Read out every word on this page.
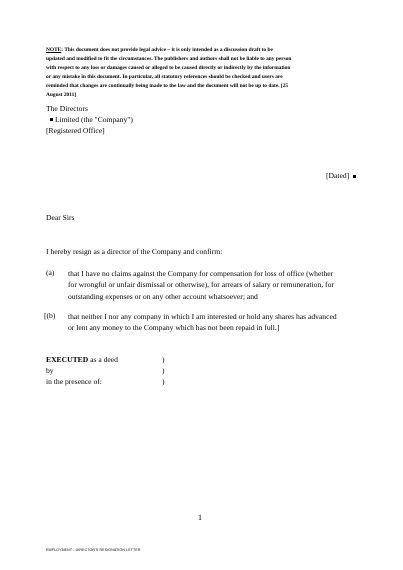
NOTE: This document does not provide legal advice – it is only intended as a discussion draft to be
updated and modified to fit the circumstances. The publishers and authors shall not be liable to any person
with respect to any loss or damages caused or alleged to be caused directly or indirectly by the information
or any mistake in this document. In particular, all statutory references should be checked and users are
reminded that changes are continually being made to the law and the document will not be up to date. [25
August 2011]
The Directors
Limited (the "Company")
[Registered Office]
[Dated]
Dear Sirs
I hereby resign as a director of the Company and confirm:
(a) that I have no claims against the Company for compensation for loss of office (whether
for wrongful or unfair dismissal or otherwise), for arrears of salary or remuneration, for
outstanding expenses or on any other account whatsoever; and
[(b) that neither I nor any company in which I am interested or hold any shares has advanced
or lent any money to the Company which has not been repaid in full.]
EXECUTED as a deed
by
in the presence of:
)
)
)
1
EMPLOYMENT - DIRECTOR'S RESIGNATION LETTER
